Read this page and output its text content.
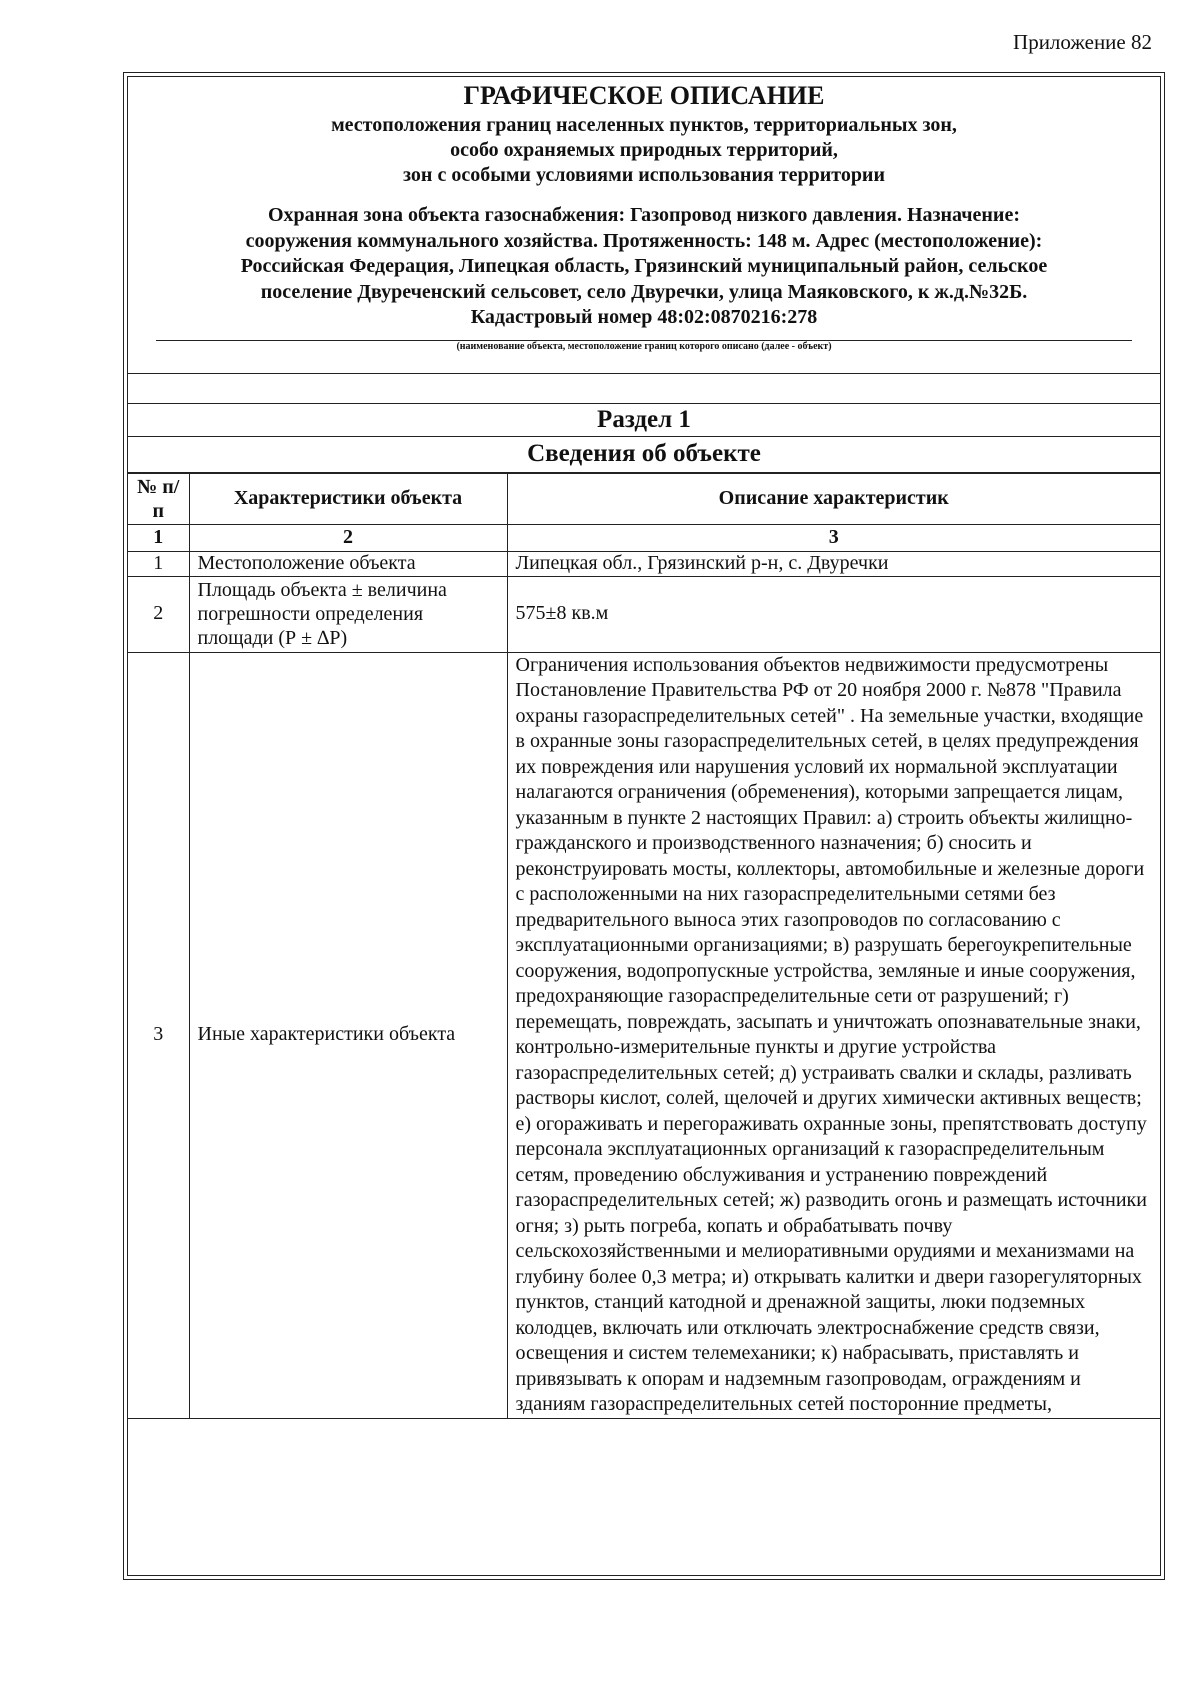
Приложение 82
ГРАФИЧЕСКОЕ ОПИСАНИЕ
местоположения границ населенных пунктов, территориальных зон,
особо охраняемых природных территорий,
зон с особыми условиями использования территории
Охранная зона объекта газоснабжения: Газопровод низкого давления. Назначение:
сооружения коммунального хозяйства. Протяженность: 148 м. Адрес (местоположение):
Российская Федерация, Липецкая область, Грязинский муниципальный район, сельское
поселение Двуреченский сельсовет, село Двуречки, улица Маяковского, к ж.д.№32Б.
Кадастровый номер 48:02:0870216:278
(наименование объекта, местоположение границ которого описано (далее - объект)
Раздел 1
Сведения об объекте
№ п/п	Характеристики объекта	Описание характеристик
1	2	3
1	Местоположение объекта	Липецкая обл., Грязинский р-н, с. Двуречки
2	Площадь объекта ± величина погрешности определения площади (Р ± ∆Р)	575±8 кв.м
3	Иные характеристики объекта	Ограничения использования объектов недвижимости предусмотрены Постановление Правительства РФ от 20 ноября 2000 г. №878 "Правила охраны газораспределительных сетей" . На земельные участки, входящие в охранные зоны газораспределительных сетей, в целях предупреждения их повреждения или нарушения условий их нормальной эксплуатации налагаются ограничения (обременения), которыми запрещается лицам, указанным в пункте 2 настоящих Правил: а) строить объекты жилищно-гражданского и производственного назначения; б) сносить и реконструировать мосты, коллекторы, автомобильные и железные дороги с расположенными на них газораспределительными сетями без предварительного выноса этих газопроводов по согласованию с эксплуатационными организациями; в) разрушать берегоукрепительные сооружения, водопропускные устройства, земляные и иные сооружения, предохраняющие газораспределительные сети от разрушений; г) перемещать, повреждать, засыпать и уничтожать опознавательные знаки, контрольно-измерительные пункты и другие устройства газораспределительных сетей; д) устраивать свалки и склады, разливать растворы кислот, солей, щелочей и других химически активных веществ; е) огораживать и перегораживать охранные зоны, препятствовать доступу персонала эксплуатационных организаций к газораспределительным сетям, проведению обслуживания и устранению повреждений газораспределительных сетей; ж) разводить огонь и размещать источники огня; з) рыть погреба, копать и обрабатывать почву сельскохозяйственными и мелиоративными орудиями и механизмами на глубину более 0,3 метра; и) открывать калитки и двери газорегуляторных пунктов, станций катодной и дренажной защиты, люки подземных колодцев, включать или отключать электроснабжение средств связи, освещения и систем телемеханики; к) набрасывать, приставлять и привязывать к опорам и надземным газопроводам, ограждениям и зданиям газораспределительных сетей посторонние предметы,
